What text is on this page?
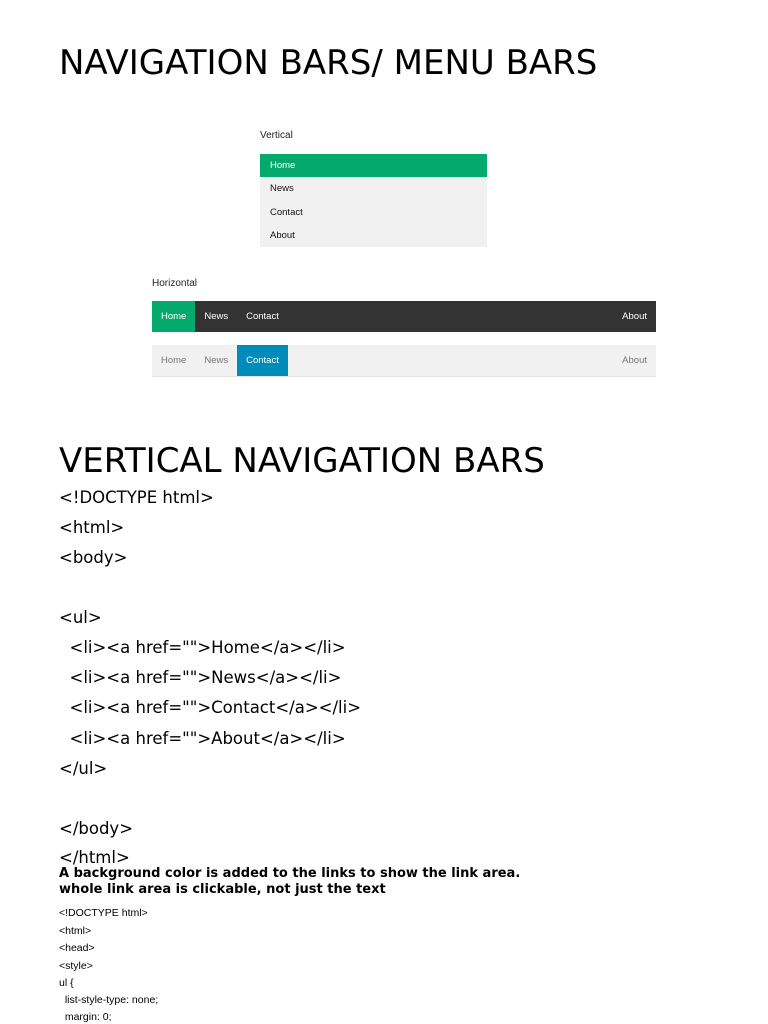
NAVIGATION BARS/ MENU BARS
Vertical
Home
News
Contact
About
Horizontal
Home	News	Contact	About
Home	News	Contact	About
VERTICAL NAVIGATION BARS
<!DOCTYPE html>
<html>
<body>
<ul>
<li><a href="">Home</a></li>
<li><a href="">News</a></li>
<li><a href="">Contact</a></li>
<li><a href="">About</a></li>
</ul>
</body>
</html>
A background color is added to the links to show the link area.
whole link area is clickable, not just the text
<!DOCTYPE html>
<html>
<head>
<style>
ul {
list-style-type: none;
margin: 0;
